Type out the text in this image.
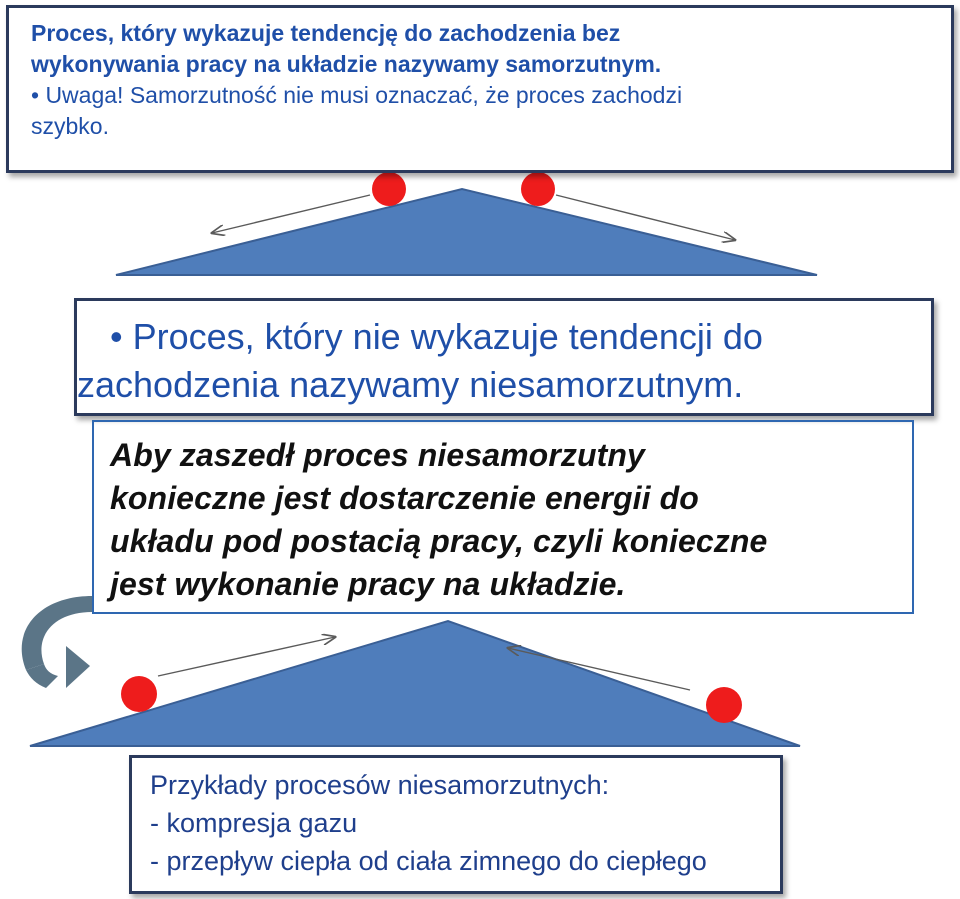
Proces, który wykazuje tendencję do zachodzenia bez
wykonywania pracy na układzie nazywamy samorzutnym.
• Uwaga! Samorzutność nie musi oznaczać, że proces zachodzi
szybko.
• Proces, który nie wykazuje tendencji do
zachodzenia nazywamy niesamorzutnym.
Aby zaszedł proces niesamorzutny
konieczne jest dostarczenie energii do
układu pod postacią pracy, czyli konieczne
jest wykonanie pracy na układzie.
Przykłady procesów niesamorzutnych:
- kompresja gazu
- przepływ ciepła od ciała zimnego do ciepłego
